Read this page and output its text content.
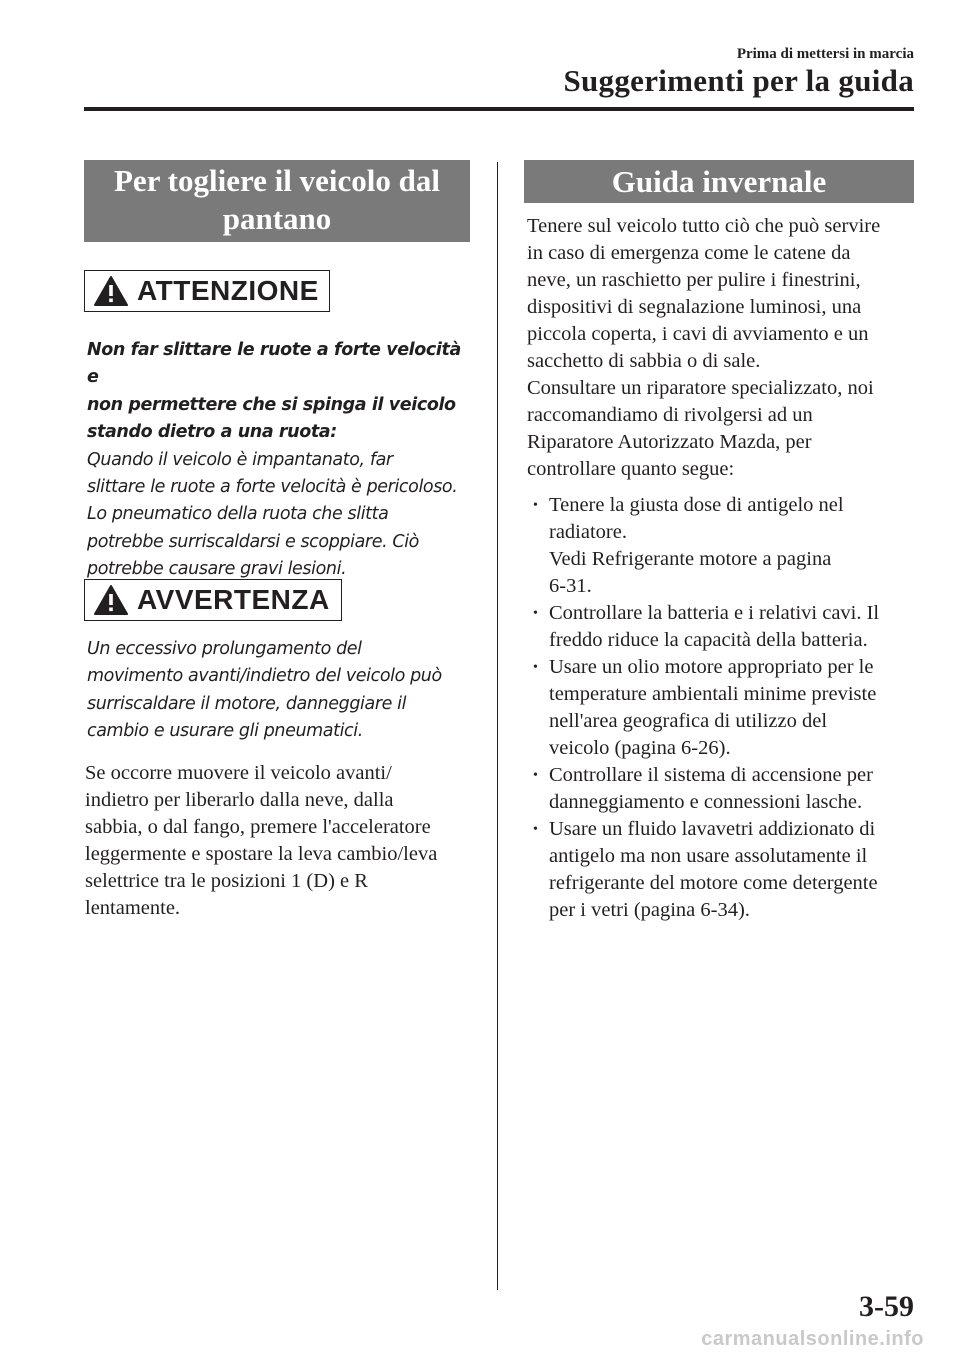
Prima di mettersi in marcia
Suggerimenti per la guida
Per togliere il veicolo dal
pantano
ATTENZIONE
Non far slittare le ruote a forte velocità e
non permettere che si spinga il veicolo
stando dietro a una ruota:
Quando il veicolo è impantanato, far
slittare le ruote a forte velocità è pericoloso.
Lo pneumatico della ruota che slitta
potrebbe surriscaldarsi e scoppiare. Ciò
potrebbe causare gravi lesioni.
AVVERTENZA
Un eccessivo prolungamento del
movimento avanti/indietro del veicolo può
surriscaldare il motore, danneggiare il
cambio e usurare gli pneumatici.
Se occorre muovere il veicolo avanti/
indietro per liberarlo dalla neve, dalla
sabbia, o dal fango, premere l'acceleratore
leggermente e spostare la leva cambio/leva
selettrice tra le posizioni 1 (D) e R
lentamente.
Guida invernale
Tenere sul veicolo tutto ciò che può servire
in caso di emergenza come le catene da
neve, un raschietto per pulire i finestrini,
dispositivi di segnalazione luminosi, una
piccola coperta, i cavi di avviamento e un
sacchetto di sabbia o di sale.
Consultare un riparatore specializzato, noi
raccomandiamo di rivolgersi ad un
Riparatore Autorizzato Mazda, per
controllare quanto segue:
• Tenere la giusta dose di antigelo nel
radiatore.
Vedi Refrigerante motore a pagina
6-31.
• Controllare la batteria e i relativi cavi. Il
freddo riduce la capacità della batteria.
• Usare un olio motore appropriato per le
temperature ambientali minime previste
nell'area geografica di utilizzo del
veicolo (pagina 6-26).
• Controllare il sistema di accensione per
danneggiamento e connessioni lasche.
• Usare un fluido lavavetri addizionato di
antigelo ma non usare assolutamente il
refrigerante del motore come detergente
per i vetri (pagina 6-34).
3-59
carmanualsonline.info
